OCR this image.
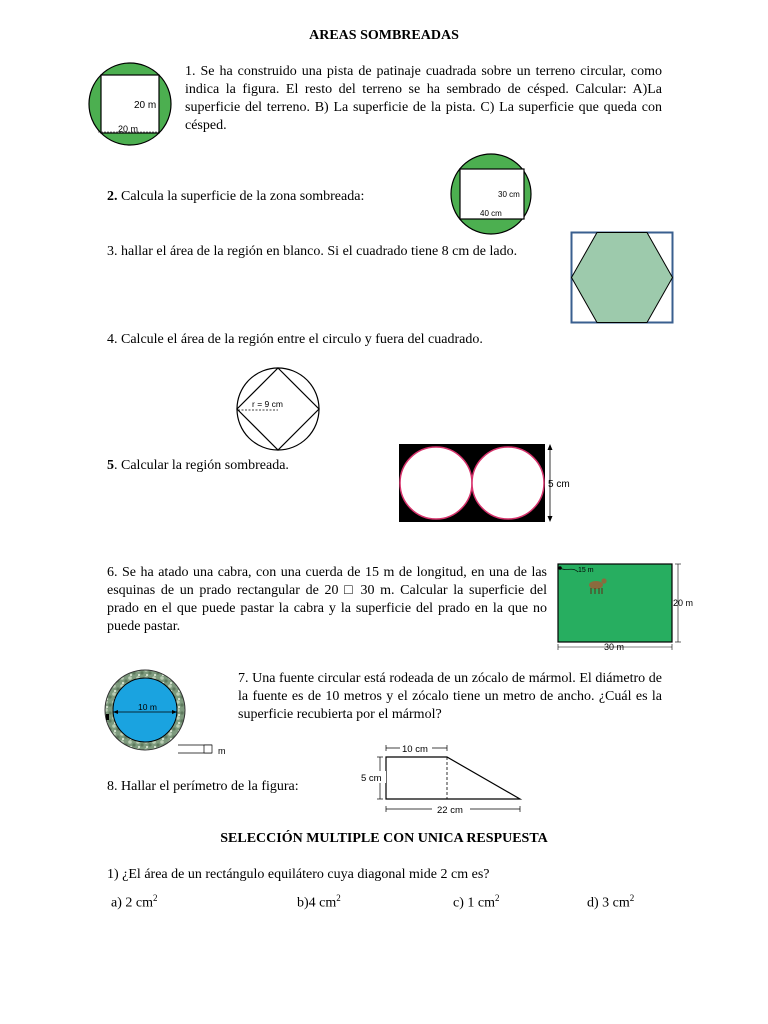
AREAS SOMBREADAS
20 m
20 m
1. Se ha construido una pista de patinaje cuadrada sobre un terreno circular, como indica la figura. El resto del terreno se ha sembrado de césped. Calcular: A)La superficie del terreno. B) La superficie de la pista. C) La superficie que queda con césped.
2. Calcula la superficie de la zona sombreada:	30 cm
40 cm
3. hallar el área de la región en blanco. Si el cuadrado tiene 8 cm de lado.
4. Calcule el área de la región entre el circulo y fuera del cuadrado.
r = 9 cm
5. Calcular la región sombreada.
5 cm
6. Se ha atado una cabra, con una cuerda de 15 m de longitud, en una de las esquinas de un prado rectangular de 20 □ 30 m. Calcular la superficie del prado en el que puede pastar la cabra y la superficie del prado en la que no puede pastar.
15 m
20 m
30 m
10 m
m
7. Una fuente circular está rodeada de un zócalo de mármol. El diámetro de la fuente es de 10 metros y el zócalo tiene un metro de ancho. ¿Cuál es la superficie recubierta por el mármol?
8. Hallar el perímetro de la figura:
10 cm
5 cm
22 cm
SELECCIÓN MULTIPLE CON UNICA RESPUESTA
1) ¿El área de un rectángulo equilátero cuya diagonal mide 2 cm es?
a) 2 $cm^2$	b)4 $cm^2$	c) 1 $cm^2$	d) 3 $cm^2$
